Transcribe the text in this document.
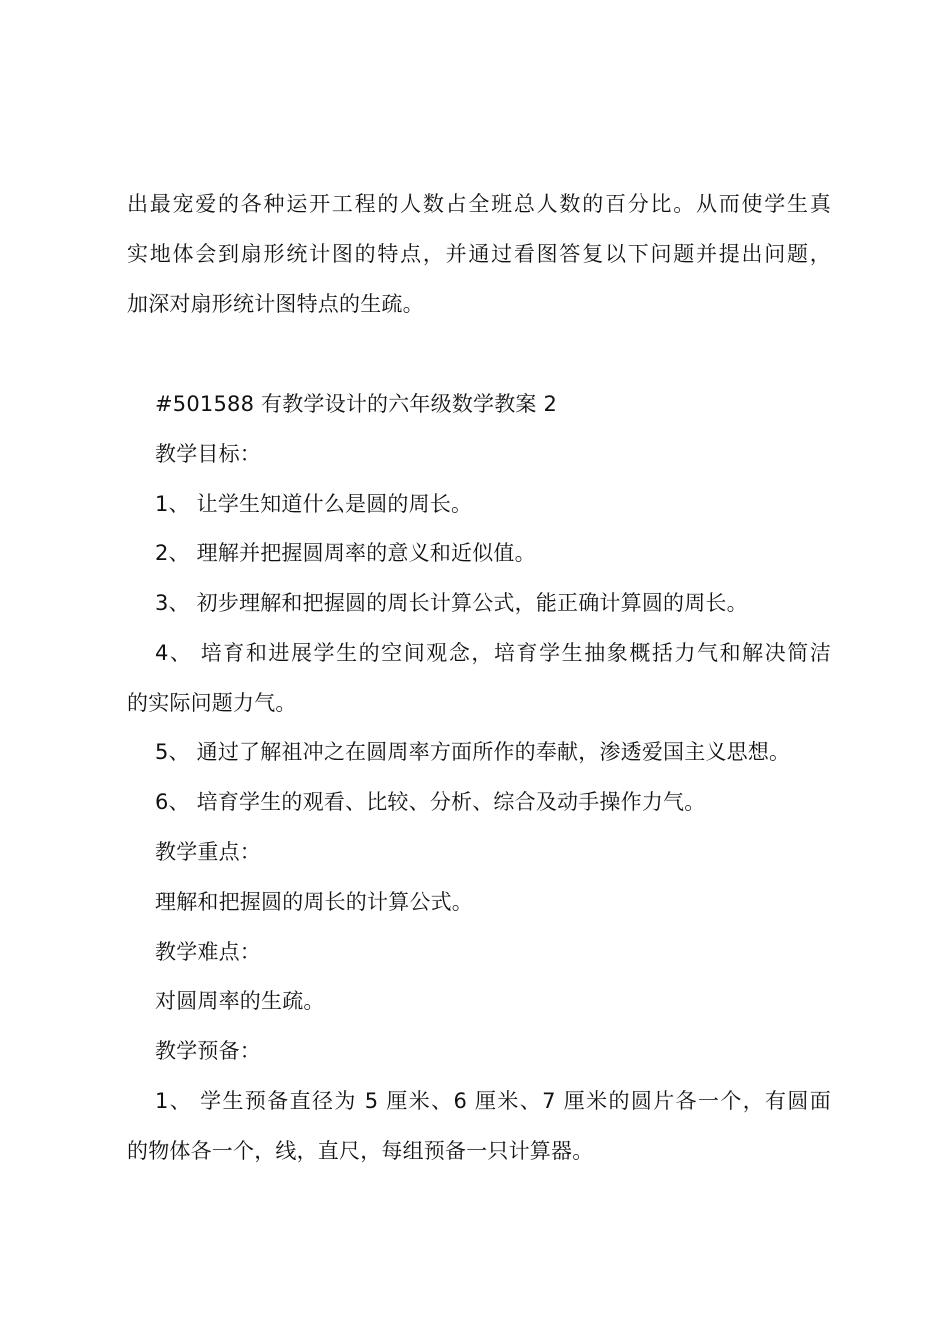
出最宠爱的各种运开工程的人数占全班总人数的百分比。从而使学生真
实地体会到扇形统计图的特点，并通过看图答复以下问题并提出问题，
加深对扇形统计图特点的生疏。
#501588 有教学设计的六年级数学教案 2
教学目标：
1、 让学生知道什么是圆的周长。
2、 理解并把握圆周率的意义和近似值。
3、 初步理解和把握圆的周长计算公式，能正确计算圆的周长。
4、 培育和进展学生的空间观念，培育学生抽象概括力气和解决简洁
的实际问题力气。
5、 通过了解祖冲之在圆周率方面所作的奉献，渗透爱国主义思想。
6、 培育学生的观看、比较、分析、综合及动手操作力气。
教学重点：
理解和把握圆的周长的计算公式。
教学难点：
对圆周率的生疏。
教学预备：
1、 学生预备直径为 5 厘米、6 厘米、7 厘米的圆片各一个，有圆面
的物体各一个，线，直尺，每组预备一只计算器。
